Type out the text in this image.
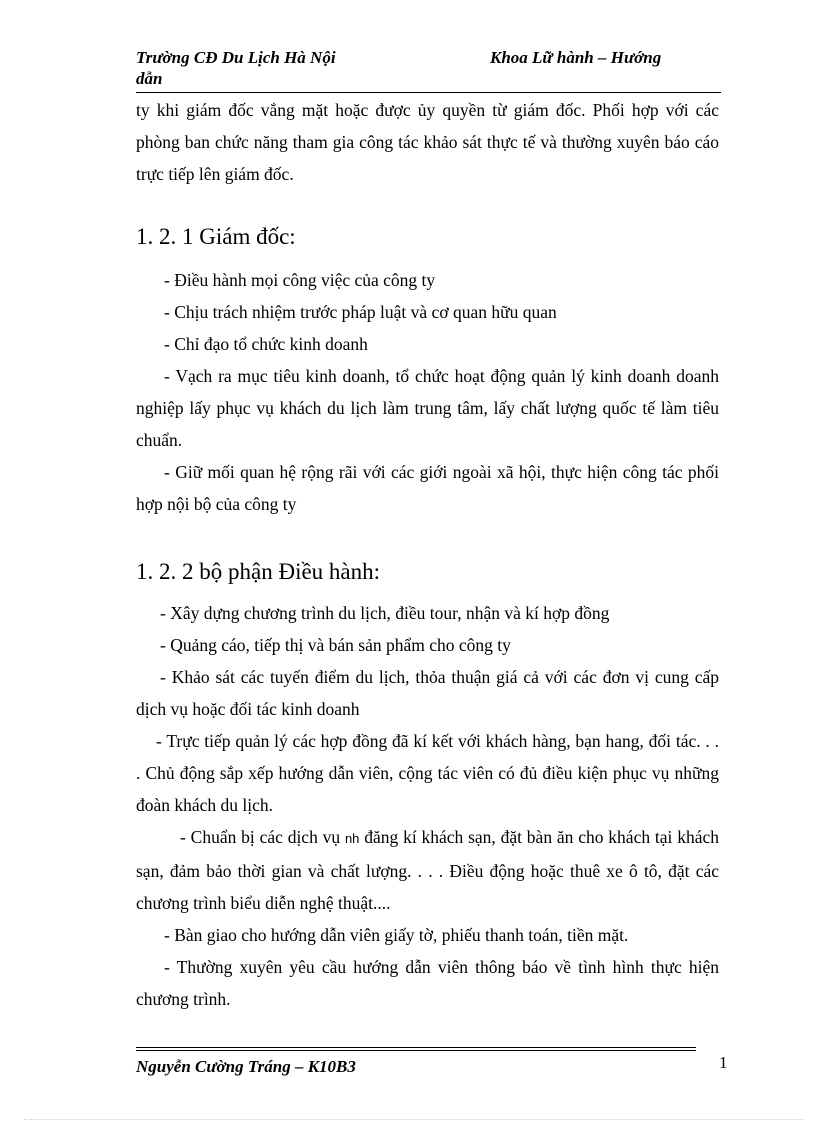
Trường CĐ Du Lịch Hà Nội	Khoa Lữ hành – Hướng
dẫn

ty khi giám đốc vắng mặt hoặc được ủy quyền từ giám đốc. Phối hợp với các phòng ban chức năng tham gia công tác khảo sát thực tế và thường xuyên báo cáo trực tiếp lên giám đốc.

1. 2. 1 Giám đốc:

- Điều hành mọi công việc của công ty

- Chịu trách nhiệm trước pháp luật và cơ quan hữu quan

- Chỉ đạo tổ chức kinh doanh

- Vạch ra mục tiêu kinh doanh, tổ chức hoạt động quản lý kinh doanh doanh nghiệp lấy phục vụ khách du lịch làm trung tâm, lấy chất lượng quốc tế làm tiêu chuẩn.

- Giữ mối quan hệ rộng rãi với các giới ngoài xã hội, thực hiện công tác phối hợp nội bộ của công ty

1. 2. 2 bộ phận Điều hành:

- Xây dựng chương trình du lịch, điều tour, nhận và kí hợp đồng

- Quảng cáo, tiếp thị và bán sản phẩm cho công ty

- Khảo sát các tuyến điểm du lịch, thỏa thuận giá cả với các đơn vị cung cấp dịch vụ hoặc đối tác kinh doanh

- Trực tiếp quản lý các hợp đồng đã kí kết với khách hàng, bạn hang, đối tác. . . . Chủ động sắp xếp hướng dẫn viên, cộng tác viên có đủ điều kiện phục vụ những đoàn khách du lịch.

- Chuẩn bị các dịch vụ nh đăng kí khách sạn, đặt bàn ăn cho khách tại khách sạn, đảm bảo thời gian và chất lượng. . . . Điều động hoặc thuê xe ô tô, đặt các chương trình biểu diễn nghệ thuật....

- Bàn giao cho hướng dẫn viên giấy tờ, phiếu thanh toán, tiền mặt.

- Thường xuyên yêu cầu hướng dẫn viên thông báo về tình hình thực hiện chương trình.

Nguyễn Cường Tráng – K10B3	1
